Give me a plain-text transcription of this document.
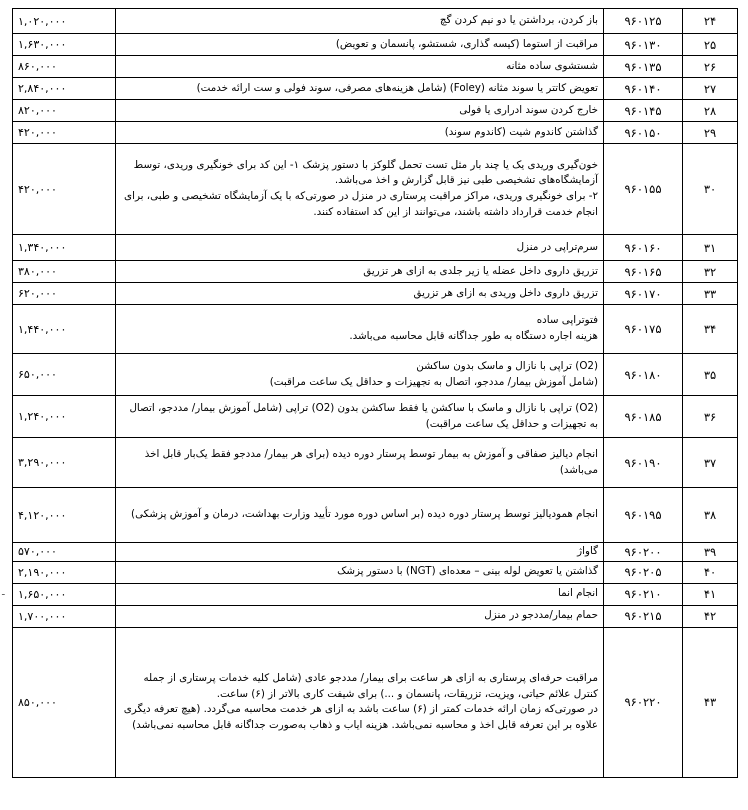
۲۴	۹۶۰۱۲۵	باز کردن، برداشتن یا دو نیم کردن گچ	۱,۰۲۰,۰۰۰
۲۵	۹۶۰۱۳۰	مراقبت از استوما (کیسه گذاری، شستشو، پانسمان و تعویض)	۱,۶۳۰,۰۰۰
۲۶	۹۶۰۱۳۵	شستشوی ساده مثانه	۸۶۰,۰۰۰
۲۷	۹۶۰۱۴۰	تعویض کاتتر یا سوند مثانه (Foley) (شامل هزینه‌های مصرفی، سوند فولی و ست ارائه خدمت)	۲,۸۴۰,۰۰۰
۲۸	۹۶۰۱۴۵	خارج کردن سوند ادراری یا فولی	۸۲۰,۰۰۰
۲۹	۹۶۰۱۵۰	گذاشتن کاندوم شیت (کاندوم سوند)	۴۲۰,۰۰۰
۳۰	۹۶۰۱۵۵	خون‌گیری وریدی یک یا چند بار مثل تست تحمل گلوکز با دستور پزشک ۱- این کد برای خونگیری وریدی، توسط آزمایشگاه‌های تشخیصی طبی نیز قابل گزارش و اخذ می‌باشد.
۲- برای خونگیری وریدی، مراکز مراقبت پرستاری در منزل در صورتی‌که با یک آزمایشگاه تشخیصی و طبی، برای انجام خدمت قرارداد داشته باشند، می‌توانند از این کد استفاده کنند.	۴۲۰,۰۰۰
۳۱	۹۶۰۱۶۰	سرم‌تراپی در منزل	۱,۳۴۰,۰۰۰
۳۲	۹۶۰۱۶۵	تزریق داروی داخل عضله یا زیر جلدی به ازای هر تزریق	۳۸۰,۰۰۰
۳۳	۹۶۰۱۷۰	تزریق داروی داخل وریدی به ازای هر تزریق	۶۲۰,۰۰۰
۳۴	۹۶۰۱۷۵	فتوتراپی ساده
هزینه اجاره دستگاه به طور جداگانه قابل محاسبه می‌باشد.	۱,۴۴۰,۰۰۰
۳۵	۹۶۰۱۸۰	(O2) تراپی با نازال و ماسک بدون ساکشن
(شامل آموزش بیمار/ مددجو، اتصال به تجهیزات و حداقل یک ساعت مراقبت)	۶۵۰,۰۰۰
۳۶	۹۶۰۱۸۵	(O2) تراپی با نازال و ماسک با ساکشن یا فقط ساکشن بدون (O2) تراپی (شامل آموزش بیمار/ مددجو، اتصال به تجهیزات و حداقل یک ساعت مراقبت)	۱,۲۴۰,۰۰۰
۳۷	۹۶۰۱۹۰	انجام دیالیز صفاقی و آموزش به بیمار توسط پرستار دوره دیده (برای هر بیمار/ مددجو فقط یک‌بار قابل اخذ می‌باشد)	۳,۲۹۰,۰۰۰
۳۸	۹۶۰۱۹۵	انجام همودیالیز توسط پرستار دوره دیده (بر اساس دوره مورد تأیید وزارت بهداشت، درمان و آموزش پزشکی)	۴,۱۲۰,۰۰۰
۳۹	۹۶۰۲۰۰	گاواژ	۵۷۰,۰۰۰
۴۰	۹۶۰۲۰۵	گذاشتن یا تعویض لوله بینی – معده‌ای (NGT) با دستور پزشک	۲,۱۹۰,۰۰۰
۴۱	۹۶۰۲۱۰	انجام انما	۱,۶۵۰,۰۰۰
۴۲	۹۶۰۲۱۵	حمام بیمار/مددجو در منزل	۱,۷۰۰,۰۰۰
۴۳	۹۶۰۲۲۰	مراقبت حرفه‌ای پرستاری به ازای هر ساعت برای بیمار/ مددجو عادی (شامل کلیه خدمات پرستاری از جمله کنترل علائم حیاتی، ویزیت، تزریقات، پانسمان و ...) برای شیفت کاری بالاتر از (۶) ساعت.
در صورتی‌که زمان ارائه خدمات کمتر از (۶) ساعت باشد به ازای هر خدمت محاسبه می‌گردد. (هیچ تعرفه دیگری علاوه بر این تعرفه قابل اخذ و محاسبه نمی‌باشد. هزینه ایاب و ذهاب به‌صورت جداگانه قابل محاسبه نمی‌باشد)	۸۵۰,۰۰۰
ـ
